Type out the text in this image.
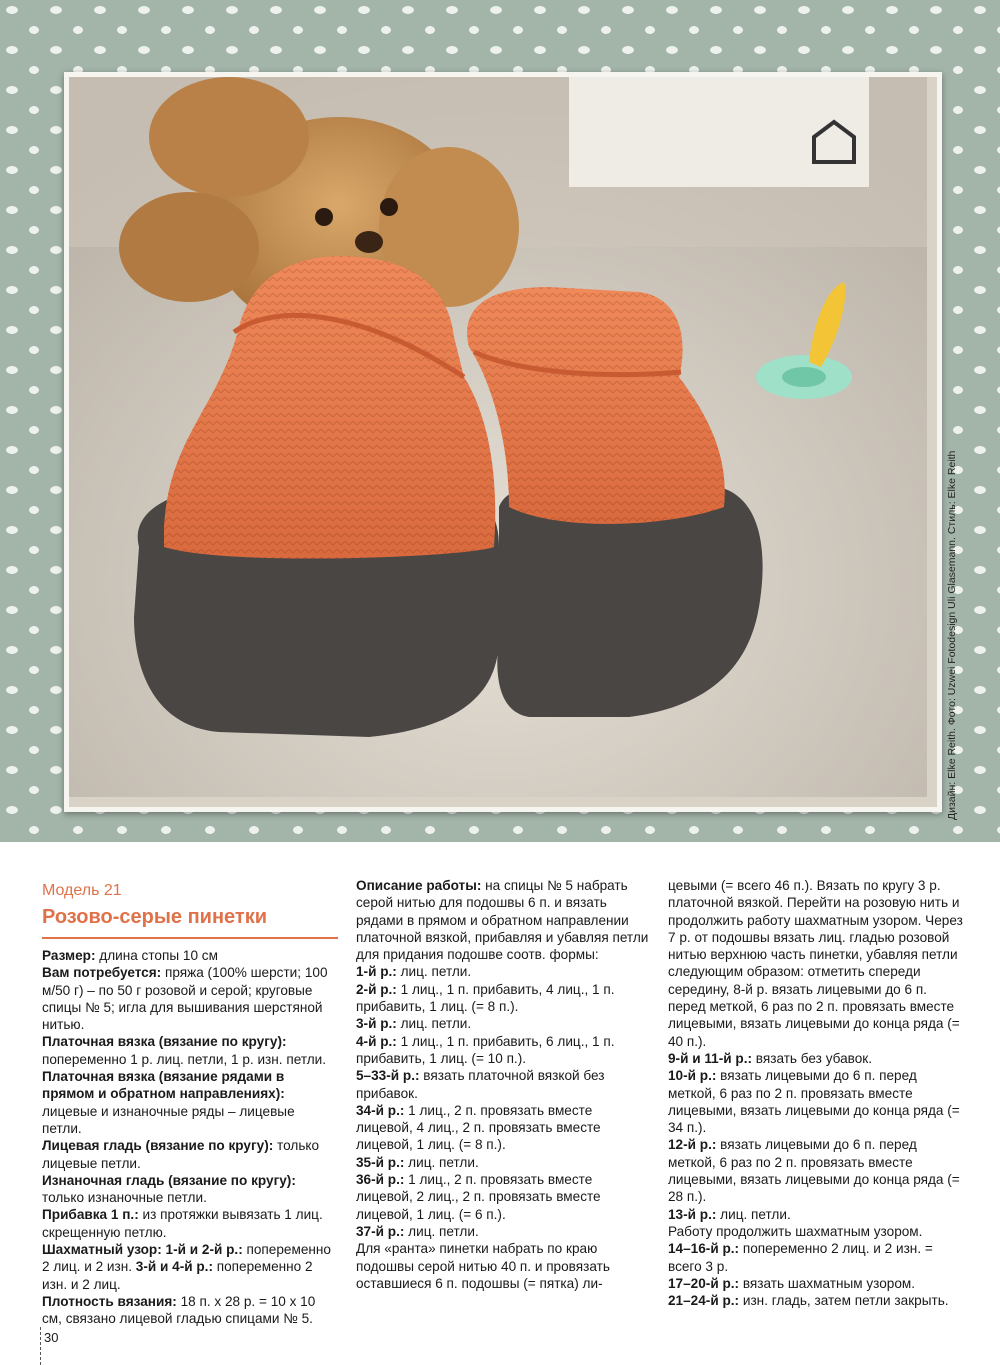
Дизайн: Elke Reith. Фото: Uzwei Fotodesign Uli Glasemann. Стиль: Elke Reith
Модель 21
Розово-серые пинетки

Размер: длина стопы 10 см

Вам потребуется: пряжа (100% шерсти; 100 м/50 г) – по 50 г розовой и серой; круговые спицы № 5; игла для вышивания шерстяной нитью.

Платочная вязка (вязание по кругу): попеременно 1 р. лиц. петли, 1 р. изн. петли.

Платочная вязка (вязание рядами в прямом и обратном направлениях): лицевые и изнаночные ряды – лицевые петли.

Лицевая гладь (вязание по кругу): только лицевые петли.

Изнаночная гладь (вязание по кругу): только изнаночные петли.

Прибавка 1 п.: из протяжки вывязать 1 лиц. скрещенную петлю.

Шахматный узор: 1-й и 2-й р.: попеременно 2 лиц. и 2 изн. 3-й и 4-й р.: попеременно 2 изн. и 2 лиц.

Плотность вязания: 18 п. x 28 р. = 10 x 10 см, связано лицевой гладью спицами № 5.

Описание работы: на спицы № 5 набрать серой нитью для подошвы 6 п. и вязать рядами в прямом и обратном направлении платочной вязкой, прибавляя и убавляя петли для придания подошве соотв. формы:

1-й р.: лиц. петли.

2-й р.: 1 лиц., 1 п. прибавить, 4 лиц., 1 п. прибавить, 1 лиц. (= 8 п.).

3-й р.: лиц. петли.

4-й р.: 1 лиц., 1 п. прибавить, 6 лиц., 1 п. прибавить, 1 лиц. (= 10 п.).

5–33-й р.: вязать платочной вязкой без прибавок.

34-й р.: 1 лиц., 2 п. провязать вместе лицевой, 4 лиц., 2 п. провязать вместе лицевой, 1 лиц. (= 8 п.).

35-й р.: лиц. петли.

36-й р.: 1 лиц., 2 п. провязать вместе лицевой, 2 лиц., 2 п. провязать вместе лицевой, 1 лиц. (= 6 п.).

37-й р.: лиц. петли.

Для «ранта» пинетки набрать по краю подошвы серой нитью 40 п. и провязать оставшиеся 6 п. подошвы (= пятка) ли-

цевыми (= всего 46 п.). Вязать по кругу 3 р. платочной вязкой. Перейти на розовую нить и продолжить работу шахматным узором. Через 7 р. от подошвы вязать лиц. гладью розовой нитью верхнюю часть пинетки, убавляя петли следующим образом: отметить спереди середину, 8-й р. вязать лицевыми до 6 п. перед меткой, 6 раз по 2 п. провязать вместе лицевыми, вязать лицевыми до конца ряда (= 40 п.).

9-й и 11-й р.: вязать без убавок.

10-й р.: вязать лицевыми до 6 п. перед меткой, 6 раз по 2 п. провязать вместе лицевыми, вязать лицевыми до конца ряда (= 34 п.).

12-й р.: вязать лицевыми до 6 п. перед меткой, 6 раз по 2 п. провязать вместе лицевыми, вязать лицевыми до конца ряда (= 28 п.).

13-й р.: лиц. петли.

Работу продолжить шахматным узором.

14–16-й р.: попеременно 2 лиц. и 2 изн. = всего 3 р.

17–20-й р.: вязать шахматным узором.

21–24-й р.: изн. гладь, затем петли закрыть.

30
